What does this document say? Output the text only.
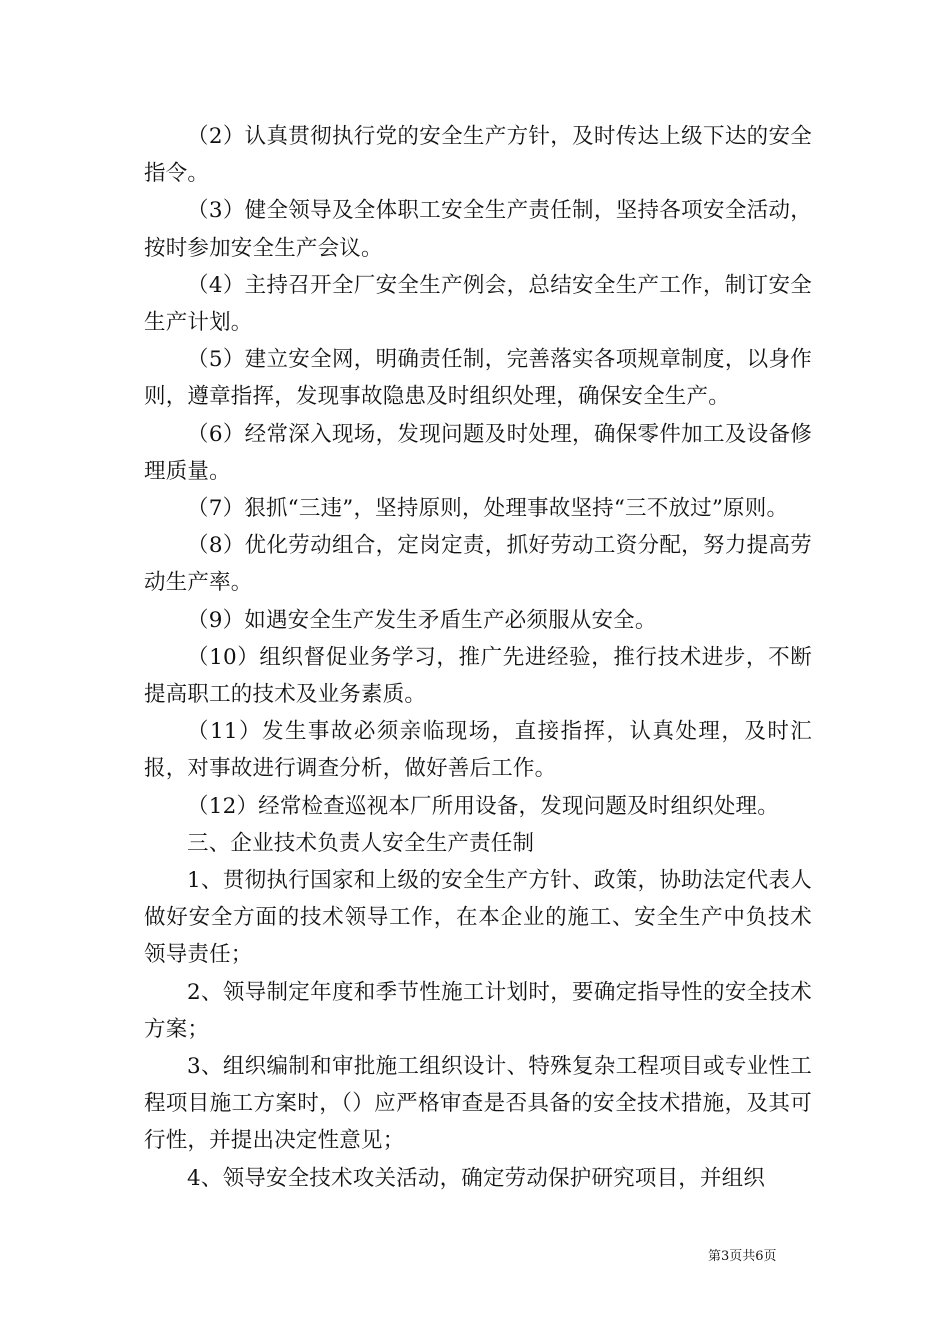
（2）认真贯彻执行党的安全生产方针，及时传达上级下达的安全指令。

（3）健全领导及全体职工安全生产责任制，坚持各项安全活动，按时参加安全生产会议。

（4）主持召开全厂安全生产例会，总结安全生产工作，制订安全生产计划。

（5）建立安全网，明确责任制，完善落实各项规章制度，以身作则，遵章指挥，发现事故隐患及时组织处理，确保安全生产。

（6）经常深入现场，发现问题及时处理，确保零件加工及设备修理质量。

（7）狠抓“三违”，坚持原则，处理事故坚持“三不放过”原则。

（8）优化劳动组合，定岗定责，抓好劳动工资分配，努力提高劳动生产率。

（9）如遇安全生产发生矛盾生产必须服从安全。

（10）组织督促业务学习，推广先进经验，推行技术进步，不断提高职工的技术及业务素质。

（11）发生事故必须亲临现场，直接指挥，认真处理，及时汇报，对事故进行调查分析，做好善后工作。

（12）经常检查巡视本厂所用设备，发现问题及时组织处理。

三、企业技术负责人安全生产责任制

1、贯彻执行国家和上级的安全生产方针、政策，协助法定代表人做好安全方面的技术领导工作，在本企业的施工、安全生产中负技术领导责任；

2、领导制定年度和季节性施工计划时，要确定指导性的安全技术方案；

3、组织编制和审批施工组织设计、特殊复杂工程项目或专业性工程项目施工方案时，（）应严格审查是否具备的安全技术措施，及其可行性，并提出决定性意见；

4、领导安全技术攻关活动，确定劳动保护研究项目，并组织

第3页共6页
